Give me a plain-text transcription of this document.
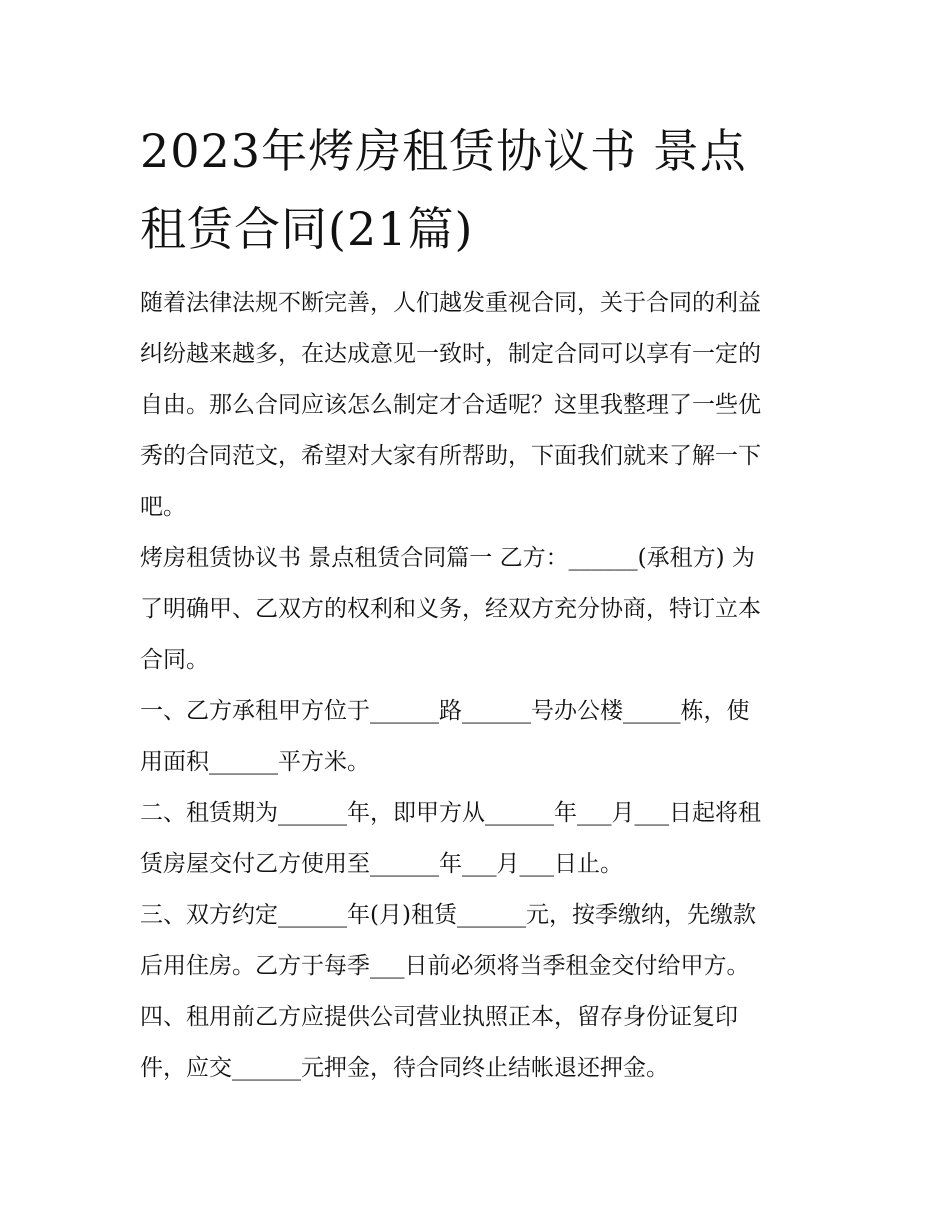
2023年烤房租赁协议书 景点
租赁合同(21篇)
随着法律法规不断完善，人们越发重视合同，关于合同的利益
纠纷越来越多，在达成意见一致时，制定合同可以享有一定的
自由。那么合同应该怎么制定才合适呢？这里我整理了一些优
秀的合同范文，希望对大家有所帮助，下面我们就来了解一下
吧。
烤房租赁协议书 景点租赁合同篇一 乙方：______(承租方) 为
了明确甲、乙双方的权利和义务，经双方充分协商，特订立本
合同。
一、乙方承租甲方位于______路______号办公楼_____栋，使
用面积______平方米。
二、租赁期为______年，即甲方从______年___月___日起将租
赁房屋交付乙方使用至______年___月___日止。
三、双方约定______年(月)租赁______元，按季缴纳，先缴款
后用住房。乙方于每季___日前必须将当季租金交付给甲方。
四、租用前乙方应提供公司营业执照正本，留存身份证复印
件，应交______元押金，待合同终止结帐退还押金。
